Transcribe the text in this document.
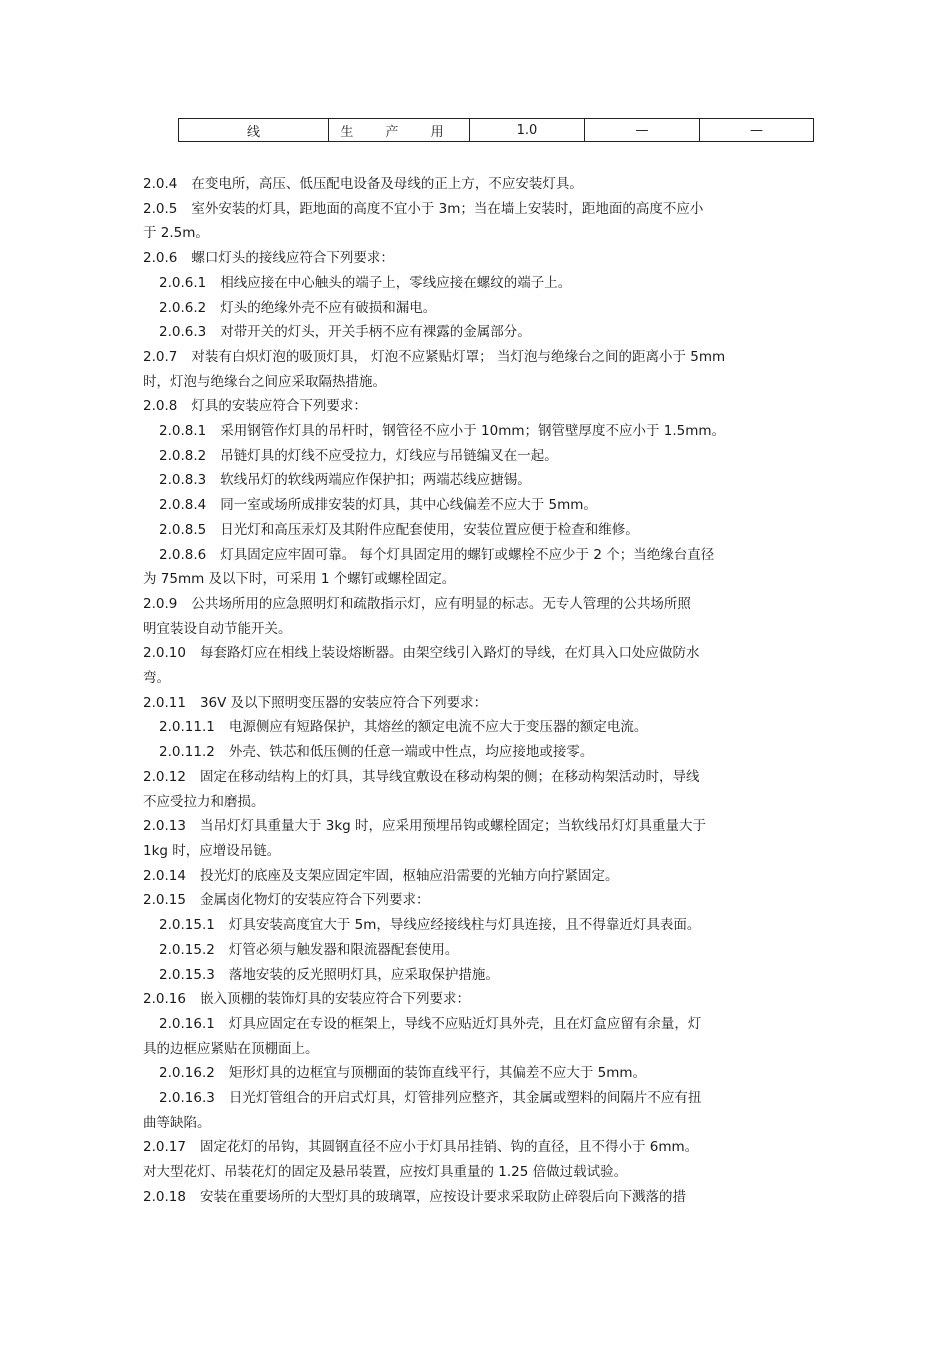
线	生 产 用	1.0	—	—

2.0.4 在变电所，高压、低压配电设备及母线的正上方，不应安装灯具。

2.0.5 室外安装的灯具，距地面的高度不宜小于 3m；当在墙上安装时，距地面的高度不应小

于 2.5m。

2.0.6 螺口灯头的接线应符合下列要求：

2.0.6.1 相线应接在中心触头的端子上，零线应接在螺纹的端子上。

2.0.6.2 灯头的绝缘外壳不应有破损和漏电。

2.0.6.3 对带开关的灯头，开关手柄不应有裸露的金属部分。

2.0.7 对装有白炽灯泡的吸顶灯具， 灯泡不应紧贴灯罩； 当灯泡与绝缘台之间的距离小于 5mm

时，灯泡与绝缘台之间应采取隔热措施。

2.0.8 灯具的安装应符合下列要求：

2.0.8.1 采用钢管作灯具的吊杆时，钢管径不应小于 10mm；钢管壁厚度不应小于 1.5mm。

2.0.8.2 吊链灯具的灯线不应受拉力，灯线应与吊链编叉在一起。

2.0.8.3 软线吊灯的软线两端应作保护扣；两端芯线应搪锡。

2.0.8.4 同一室或场所成排安装的灯具，其中心线偏差不应大于 5mm。

2.0.8.5 日光灯和高压汞灯及其附件应配套使用，安装位置应便于检查和维修。

2.0.8.6 灯具固定应牢固可靠。 每个灯具固定用的螺钉或螺栓不应少于 2 个；当绝缘台直径

为 75mm 及以下时，可采用 1 个螺钉或螺栓固定。

2.0.9 公共场所用的应急照明灯和疏散指示灯，应有明显的标志。无专人管理的公共场所照

明宜装设自动节能开关。

2.0.10 每套路灯应在相线上装设熔断器。由架空线引入路灯的导线，在灯具入口处应做防水

弯。

2.0.11 36V 及以下照明变压器的安装应符合下列要求：

2.0.11.1 电源侧应有短路保护，其熔丝的额定电流不应大于变压器的额定电流。

2.0.11.2 外壳、铁芯和低压侧的任意一端或中性点，均应接地或接零。

2.0.12 固定在移动结构上的灯具，其导线宜敷设在移动构架的侧；在移动构架活动时，导线

不应受拉力和磨损。

2.0.13 当吊灯灯具重量大于 3kg 时，应采用预埋吊钩或螺栓固定；当软线吊灯灯具重量大于

1kg 时，应增设吊链。

2.0.14 投光灯的底座及支架应固定牢固，枢轴应沿需要的光轴方向拧紧固定。

2.0.15 金属卤化物灯的安装应符合下列要求：

2.0.15.1 灯具安装高度宜大于 5m，导线应经接线柱与灯具连接，且不得靠近灯具表面。

2.0.15.2 灯管必须与触发器和限流器配套使用。

2.0.15.3 落地安装的反光照明灯具，应采取保护措施。

2.0.16 嵌入顶棚的装饰灯具的安装应符合下列要求：

2.0.16.1 灯具应固定在专设的框架上，导线不应贴近灯具外壳，且在灯盒应留有余量，灯

具的边框应紧贴在顶棚面上。

2.0.16.2 矩形灯具的边框宜与顶棚面的装饰直线平行，其偏差不应大于 5mm。

2.0.16.3 日光灯管组合的开启式灯具，灯管排列应整齐，其金属或塑料的间隔片不应有扭

曲等缺陷。

2.0.17 固定花灯的吊钩，其圆钢直径不应小于灯具吊挂销、钩的直径，且不得小于 6mm。

对大型花灯、吊装花灯的固定及悬吊装置，应按灯具重量的 1.25 倍做过载试验。

2.0.18 安装在重要场所的大型灯具的玻璃罩，应按设计要求采取防止碎裂后向下溅落的措
